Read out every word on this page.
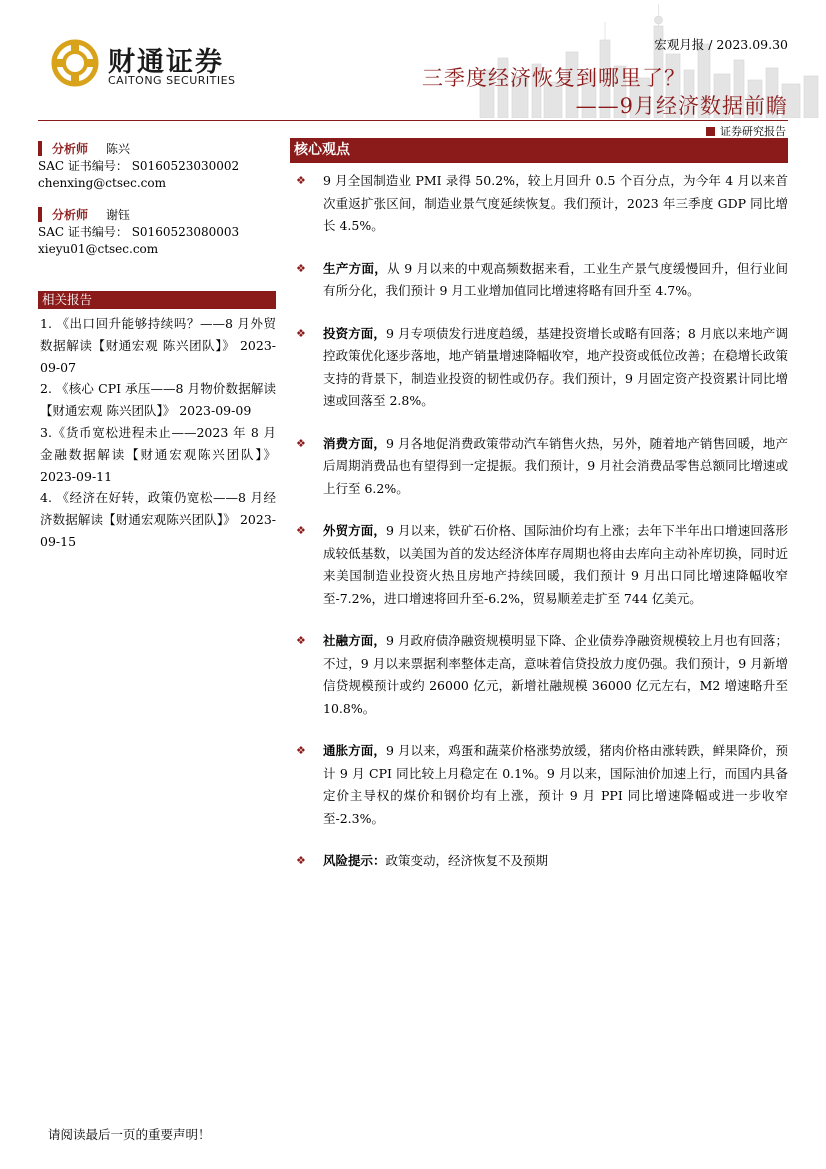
财通证券
CAITONG SECURITIES
宏观月报 / 2023.09.30
三季度经济恢复到哪里了？
——9月经济数据前瞻
证券研究报告
分析师 陈兴
SAC 证书编号： S0160523030002
chenxing@ctsec.com
分析师 谢钰
SAC 证书编号： S0160523080003
xieyu01@ctsec.com
相关报告
1. 《出口回升能够持续吗？——8 月外贸数据解读【财通宏观 陈兴团队】》 2023-09-07
2. 《核心 CPI 承压——8 月物价数据解读【财通宏观 陈兴团队】》 2023-09-09
3.《货币宽松进程未止——2023 年 8 月金融数据解读【财通宏观陈兴团队】》 2023-09-11
4. 《经济在好转，政策仍宽松——8 月经济数据解读【财通宏观陈兴团队】》 2023-09-15
核心观点
❖ 9 月全国制造业 PMI 录得 50.2%，较上月回升 0.5 个百分点，为今年 4 月以来首次重返扩张区间，制造业景气度延续恢复。我们预计，2023 年三季度 GDP 同比增长 4.5%。
❖ 生产方面，从 9 月以来的中观高频数据来看，工业生产景气度缓慢回升，但行业间有所分化，我们预计 9 月工业增加值同比增速将略有回升至 4.7%。
❖ 投资方面，9 月专项债发行进度趋缓，基建投资增长或略有回落；8 月底以来地产调控政策优化逐步落地，地产销量增速降幅收窄，地产投资或低位改善；在稳增长政策支持的背景下，制造业投资的韧性或仍存。我们预计，9 月固定资产投资累计同比增速或回落至 2.8%。
❖ 消费方面，9 月各地促消费政策带动汽车销售火热，另外，随着地产销售回暖，地产后周期消费品也有望得到一定提振。我们预计，9 月社会消费品零售总额同比增速或上行至 6.2%。
❖ 外贸方面，9 月以来，铁矿石价格、国际油价均有上涨；去年下半年出口增速回落形成较低基数，以美国为首的发达经济体库存周期也将由去库向主动补库切换，同时近来美国制造业投资火热且房地产持续回暖，我们预计 9 月出口同比增速降幅收窄至-7.2%，进口增速将回升至-6.2%，贸易顺差走扩至 744 亿美元。
❖ 社融方面，9 月政府债净融资规模明显下降、企业债券净融资规模较上月也有回落；不过，9 月以来票据利率整体走高，意味着信贷投放力度仍强。我们预计，9 月新增信贷规模预计或约 26000 亿元，新增社融规模 36000 亿元左右，M2 增速略升至 10.8%。
❖ 通胀方面，9 月以来，鸡蛋和蔬菜价格涨势放缓，猪肉价格由涨转跌，鲜果降价，预计 9 月 CPI 同比较上月稳定在 0.1%。9 月以来，国际油价加速上行，而国内具备定价主导权的煤价和钢价均有上涨，预计 9 月 PPI 同比增速降幅或进一步收窄至-2.3%。
❖ 风险提示：政策变动，经济恢复不及预期
请阅读最后一页的重要声明！
